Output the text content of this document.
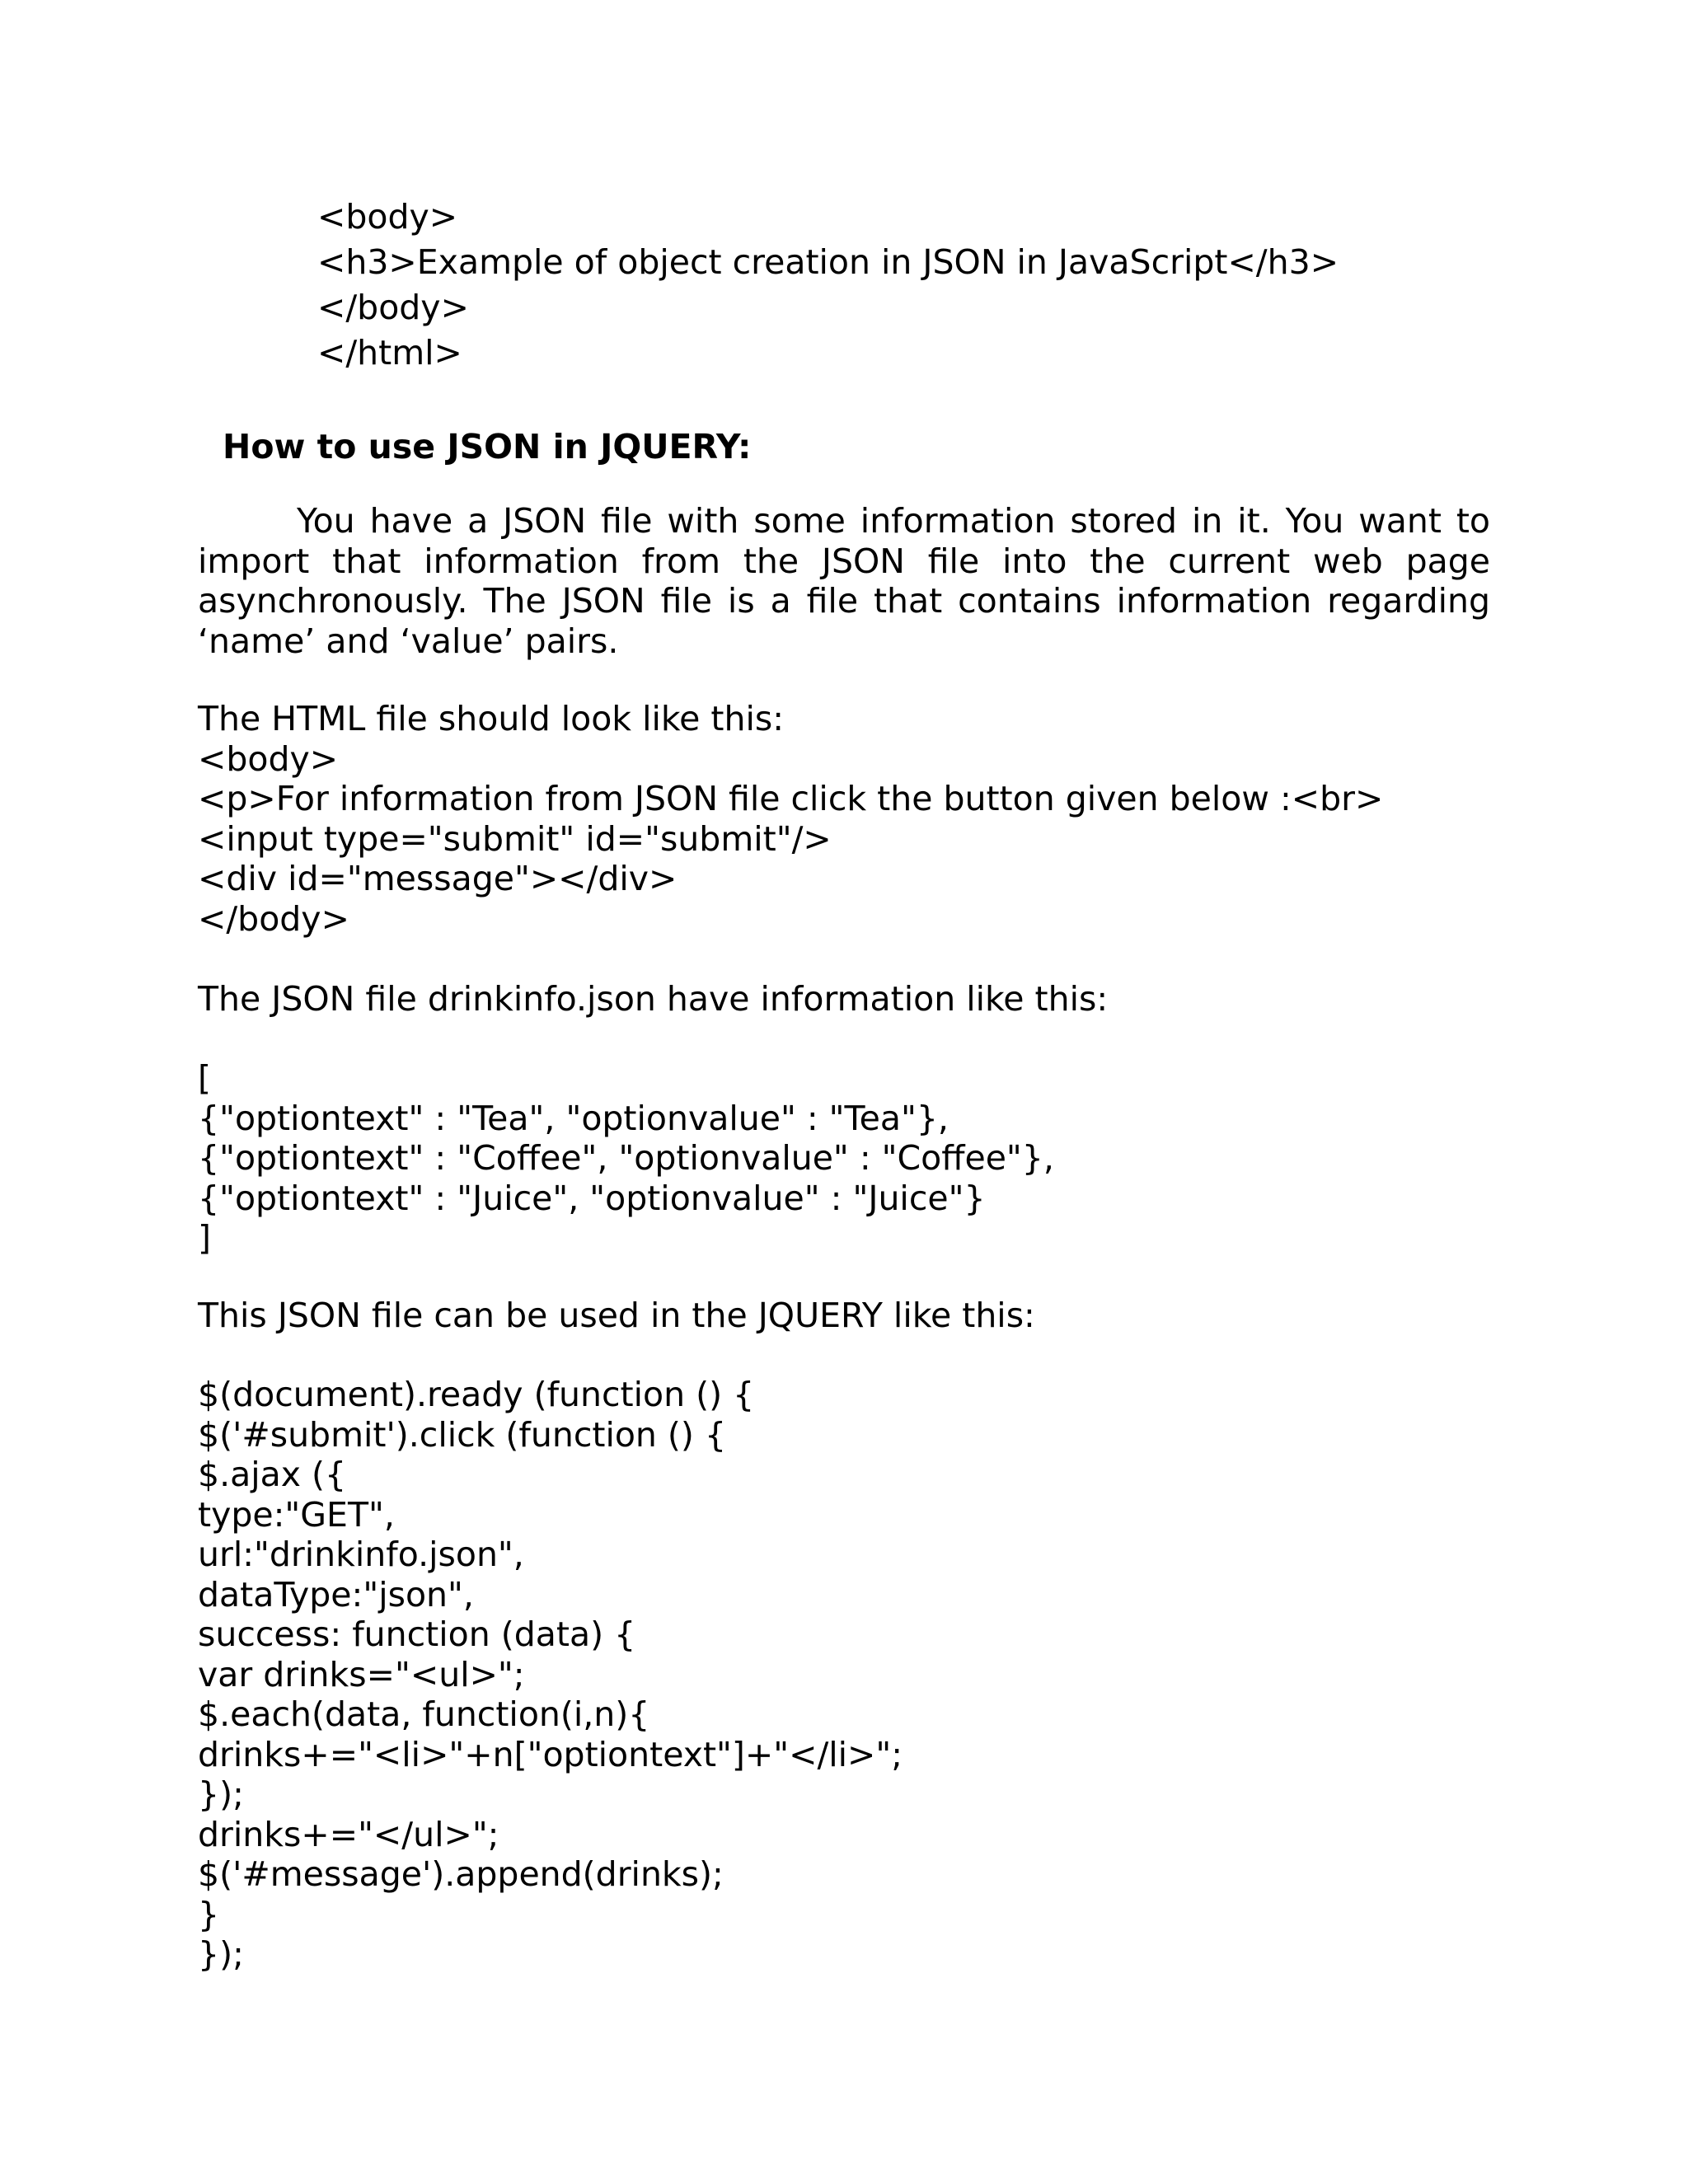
<body>
<h3>Example of object creation in JSON in JavaScript</h3>
</body>
</html>
How to use JSON in JQUERY:

You have a JSON file with some information stored in it. You want to import that information from the JSON file into the current web page asynchronously. The JSON file is a file that contains information regarding ‘name’ and ‘value’ pairs.

The HTML file should look like this:
<body>
<p>For information from JSON file click the button given below :<br>
<input type="submit" id="submit"/>
<div id="message"></div>
</body>
The JSON file drinkinfo.json have information like this:
[
{"optiontext" : "Tea", "optionvalue" : "Tea"},
{"optiontext" : "Coffee", "optionvalue" : "Coffee"},
{"optiontext" : "Juice", "optionvalue" : "Juice"}
]
This JSON file can be used in the JQUERY like this:
$(document).ready (function () {
$('#submit').click (function () {
$.ajax ({
type:"GET",
url:"drinkinfo.json",
dataType:"json",
success: function (data) {
var drinks="<ul>";
$.each(data, function(i,n){
drinks+="<li>"+n["optiontext"]+"</li>";
});
drinks+="</ul>";
$('#message').append(drinks);
}
});
